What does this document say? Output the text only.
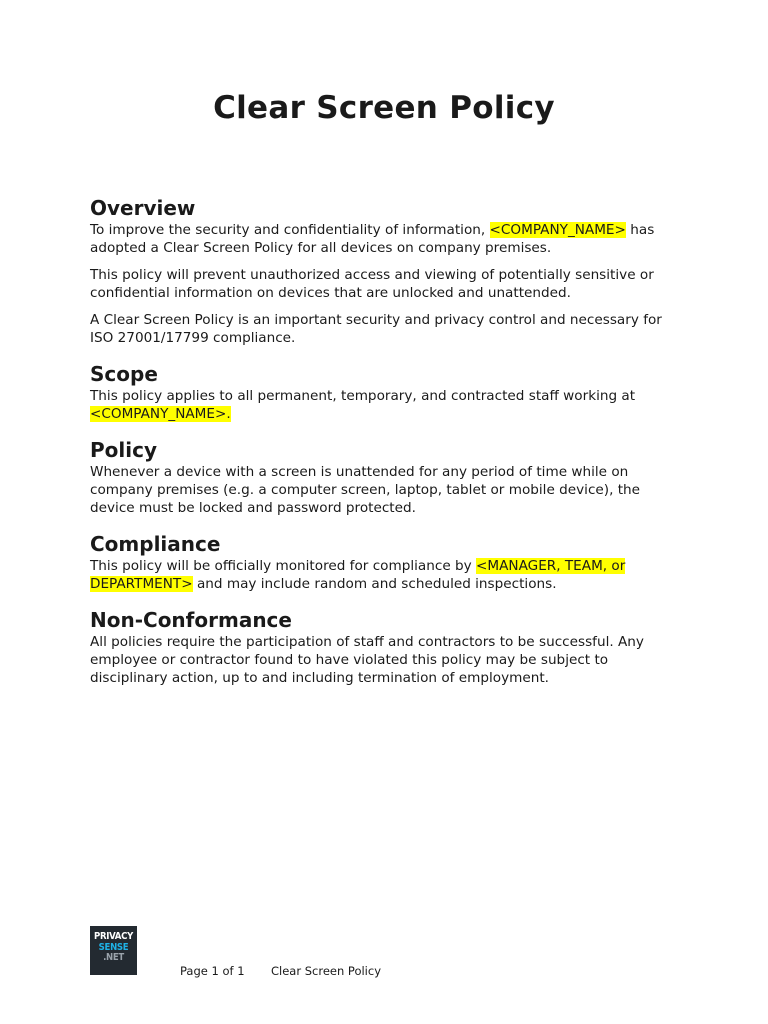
Clear Screen Policy
Overview

To improve the security and confidentiality of information, <COMPANY_NAME> has adopted a Clear Screen Policy for all devices on company premises.

This policy will prevent unauthorized access and viewing of potentially sensitive or confidential information on devices that are unlocked and unattended.

A Clear Screen Policy is an important security and privacy control and necessary for ISO 27001/17799 compliance.

Scope

This policy applies to all permanent, temporary, and contracted staff working at <COMPANY_NAME>.

Policy

Whenever a device with a screen is unattended for any period of time while on company premises (e.g. a computer screen, laptop, tablet or mobile device), the device must be locked and password protected.

Compliance

This policy will be officially monitored for compliance by <MANAGER, TEAM, or DEPARTMENT> and may include random and scheduled inspections.

Non-Conformance

All policies require the participation of staff and contractors to be successful. Any employee or contractor found to have violated this policy may be subject to disciplinary action, up to and including termination of employment.

PRIVACY
SENSE
.NET
Page 1 of 1 Clear Screen Policy
